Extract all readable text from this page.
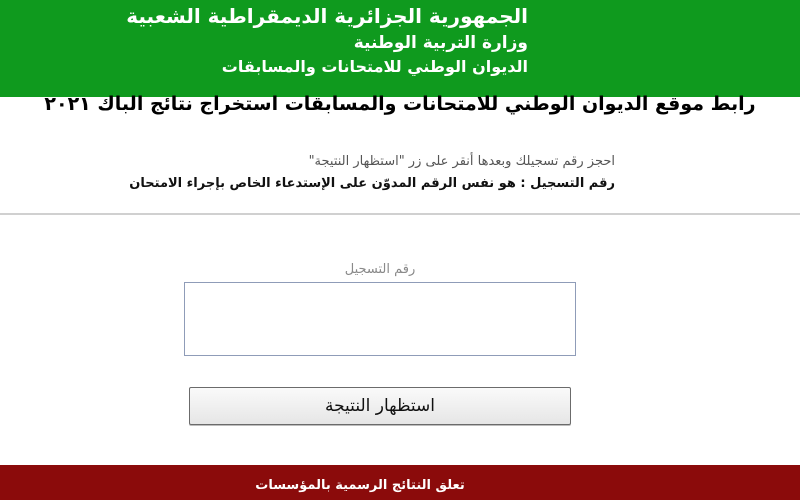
الجمهورية الجزائرية الديمقراطية الشعبية
وزارة التربية الوطنية
الديوان الوطني للامتحانات والمسابقات
رابط موقع الديوان الوطني للامتحانات والمسابقات استخراج نتائج الباك ٢٠٢١
احجز رقم تسجيلك وبعدها أنقر على زر "استظهار النتيجة"
رقم التسجيل : هو نفس الرقم المدوّن على الإستدعاء الخاص بإجراء الامتحان
رقم التسجيل
استظهار النتيجة
تعلق النتائج الرسمية بالمؤسسات
